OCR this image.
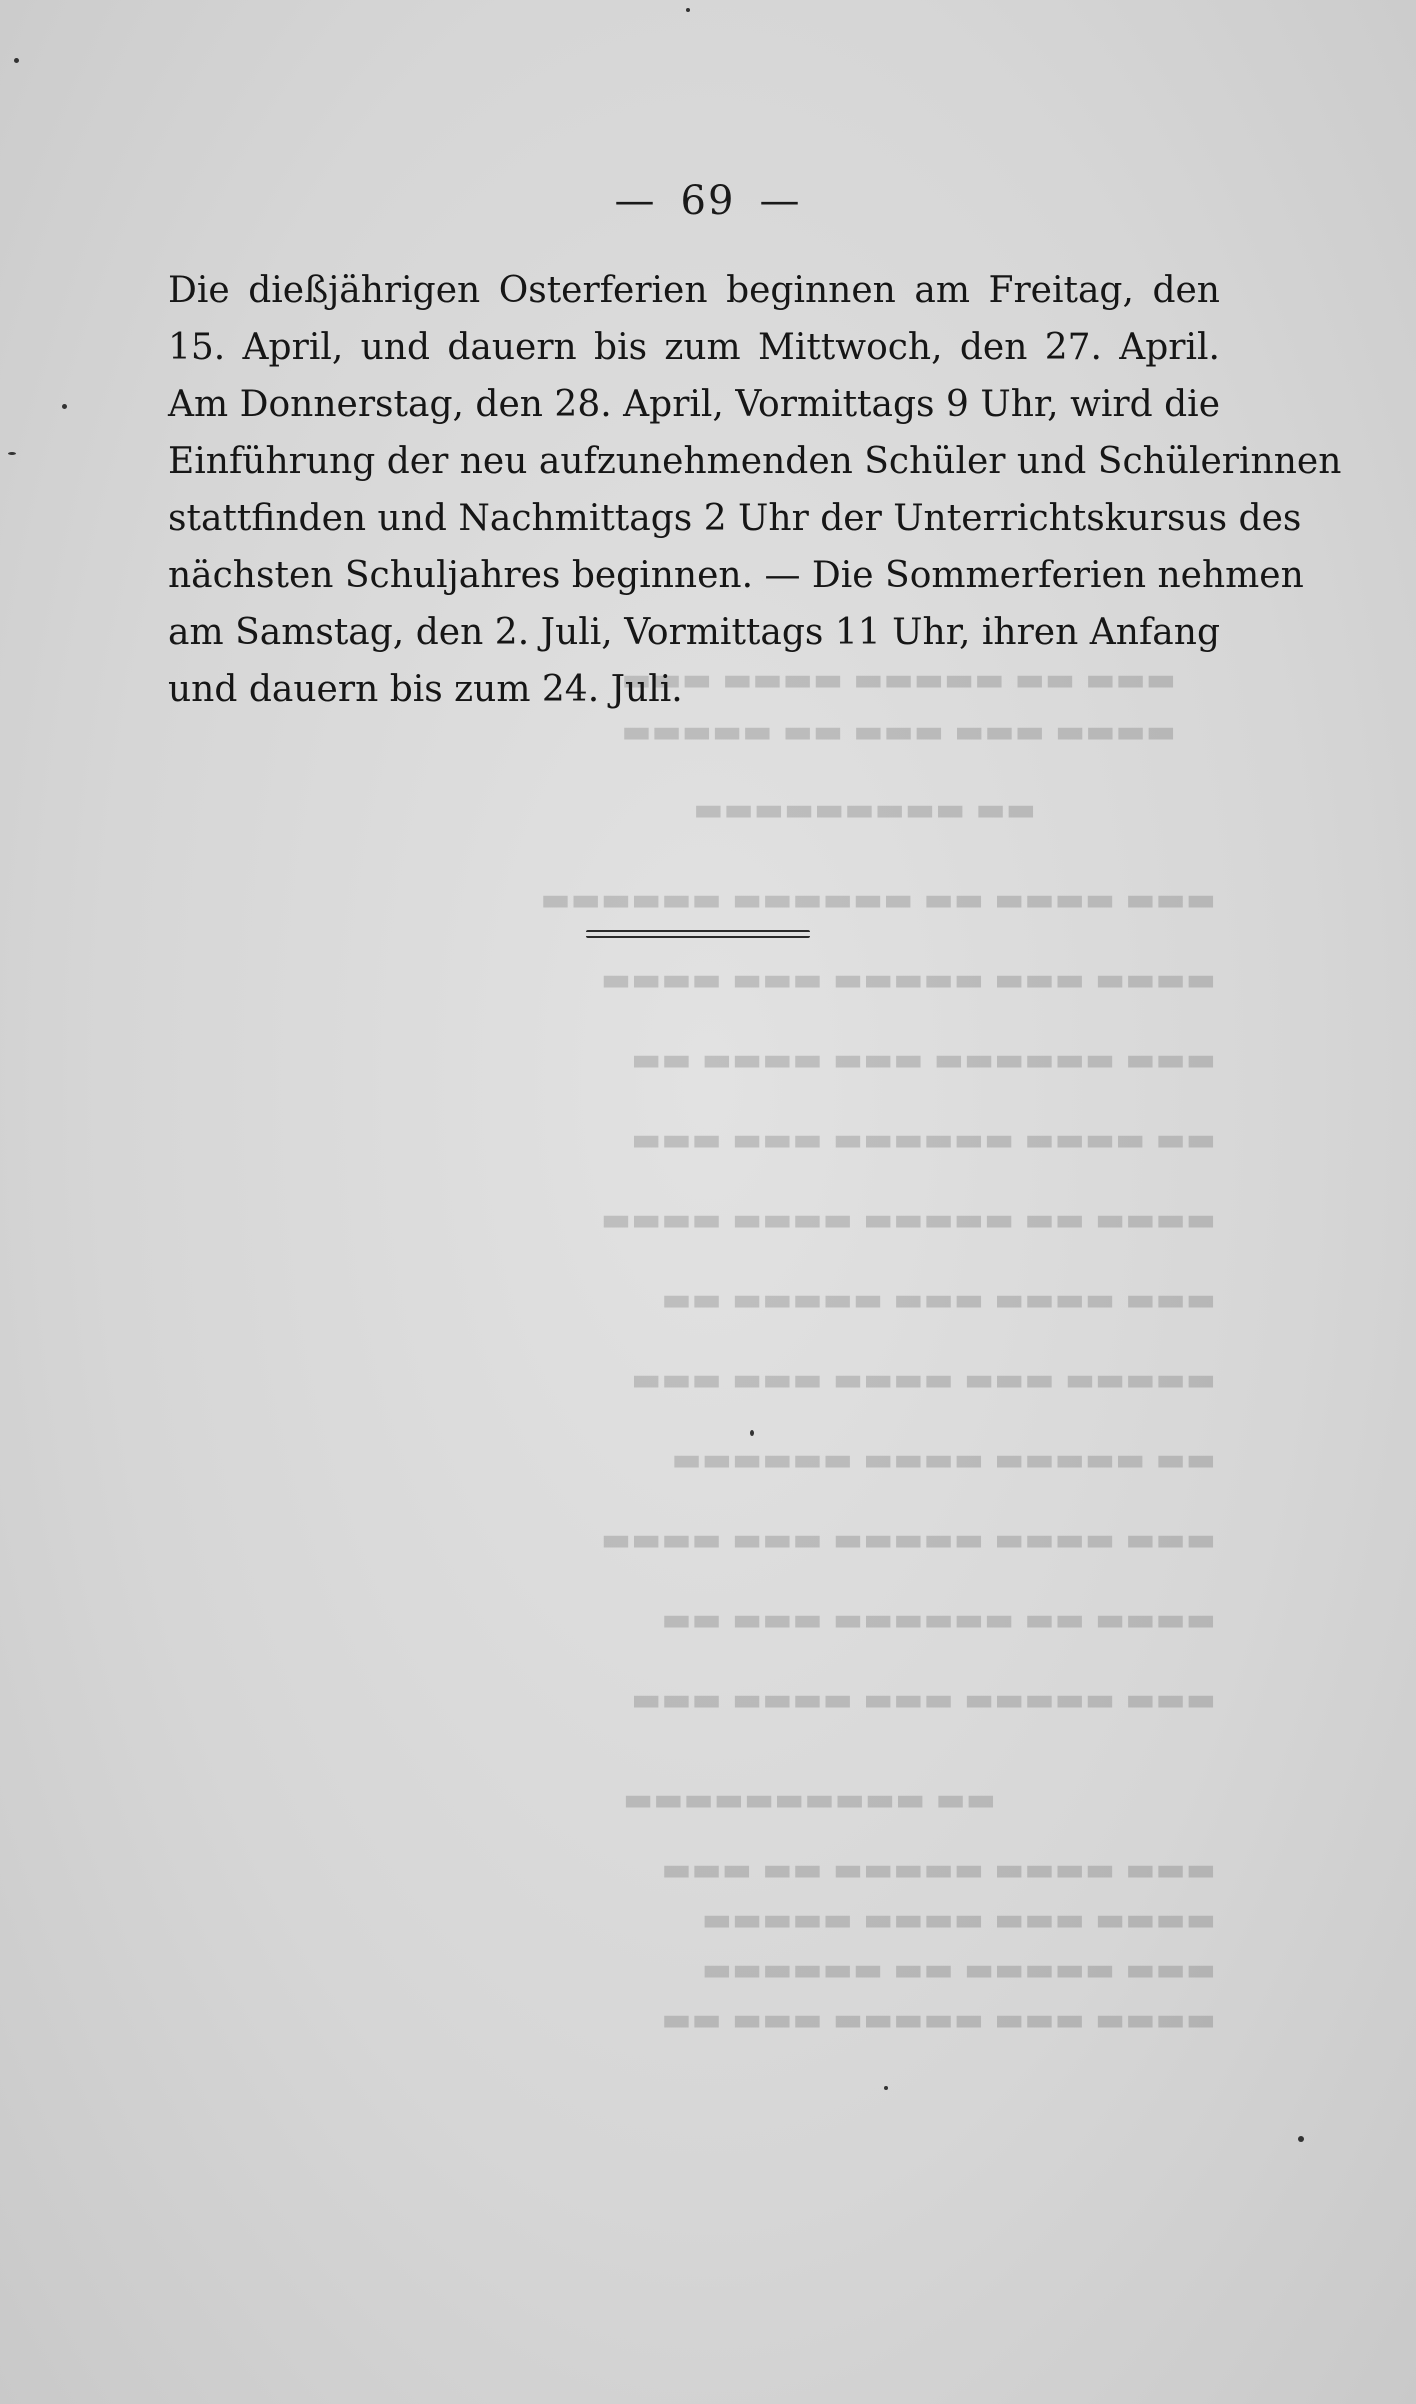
▬▬▬ ▬▬ ▬▬▬▬▬ ▬▬▬▬ ▬▬▬
▬▬▬▬ ▬▬▬ ▬▬▬ ▬▬ ▬▬▬▬▬
▬▬ ▬▬▬▬▬▬▬▬▬
▬▬▬ ▬▬▬▬ ▬▬ ▬▬▬▬▬▬ ▬▬▬▬▬▬
▬▬▬▬ ▬▬▬ ▬▬▬▬▬ ▬▬▬ ▬▬▬▬
▬▬▬ ▬▬▬▬▬▬ ▬▬▬ ▬▬▬▬ ▬▬
▬▬ ▬▬▬▬ ▬▬▬▬▬▬ ▬▬▬ ▬▬▬
▬▬▬▬ ▬▬ ▬▬▬▬▬ ▬▬▬▬ ▬▬▬▬
▬▬▬ ▬▬▬▬ ▬▬▬ ▬▬▬▬▬ ▬▬
▬▬▬▬▬ ▬▬▬ ▬▬▬▬ ▬▬▬ ▬▬▬
▬▬ ▬▬▬▬▬ ▬▬▬▬ ▬▬▬▬▬▬
▬▬▬ ▬▬▬▬ ▬▬▬▬▬ ▬▬▬ ▬▬▬▬
▬▬▬▬ ▬▬ ▬▬▬▬▬▬ ▬▬▬ ▬▬
▬▬▬ ▬▬▬▬▬ ▬▬▬ ▬▬▬▬ ▬▬▬
▬▬ ▬▬▬▬▬▬▬▬▬▬
▬▬▬ ▬▬▬▬ ▬▬▬▬▬ ▬▬ ▬▬▬
▬▬▬▬ ▬▬▬ ▬▬▬▬ ▬▬▬▬▬
▬▬▬ ▬▬▬▬▬ ▬▬ ▬▬▬▬▬▬
▬▬▬▬ ▬▬▬ ▬▬▬▬▬ ▬▬▬ ▬▬
— 69 —
Die dießjährigen Osterferien beginnen am Freitag, den
15. April, und dauern bis zum Mittwoch, den 27. April.
Am Donnerstag, den 28. April, Vormittags 9 Uhr, wird die
Einführung der neu aufzunehmenden Schüler und Schülerinnen
stattfinden und Nachmittags 2 Uhr der Unterrichtskursus des
nächsten Schuljahres beginnen. — Die Sommerferien nehmen
am Samstag, den 2. Juli, Vormittags 11 Uhr, ihren Anfang
und dauern bis zum 24. Juli.
